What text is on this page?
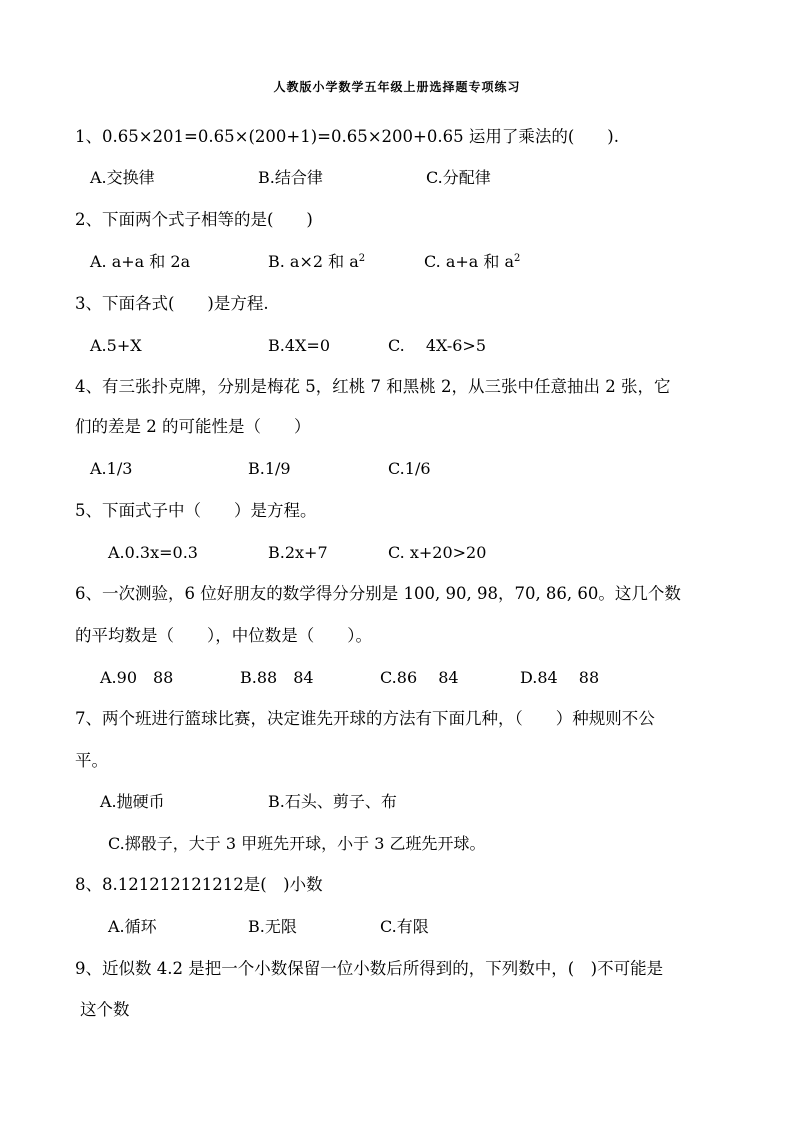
人教版小学数学五年级上册选择题专项练习
1、0.65×201=0.65×(200+1)=0.65×200+0.65 运用了乘法的(　　).
A.交换律	B.结合律	C.分配律
2、下面两个式子相等的是(　　)
A. a+a 和 2a	B. a×2 和 $a^2$	C. a+a 和 $a^2$
3、下面各式(　　)是方程.
A.5+X	B.4X=0	C.　 4X-6>5
4、有三张扑克牌，分别是梅花 5，红桃 7 和黑桃 2，从三张中任意抽出 2 张，它
们的差是 2 的可能性是（　　）
A.1/3	B.1/9	C.1/6
5、下面式子中（　　）是方程。
A.0.3x=0.3	B.2x+7	C. x+20>20
6、一次测验，6 位好朋友的数学得分分别是 100, 90, 98，70, 86, 60。这几个数
的平均数是（　　），中位数是（　　）。
A.90　88	B.88　84	C.86　 84	D.84　 88
7、两个班进行篮球比赛，决定谁先开球的方法有下面几种，（　　）种规则不公
平。
A.抛硬币	B.石头、剪子、布
C.掷骰子，大于 3 甲班先开球，小于 3 乙班先开球。
8、8.121212121212是(　)小数
A.循环	B.无限	C.有限
9、近似数 4.2 是把一个小数保留一位小数后所得到的，下列数中，(　)不可能是
这个数
